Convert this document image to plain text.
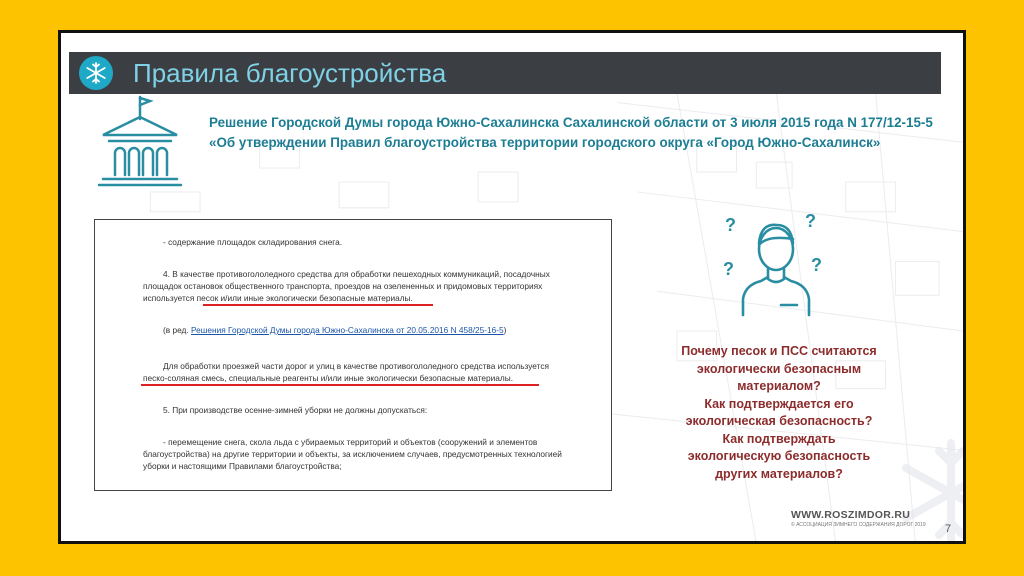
Правила благоустройства
Решение Городской Думы города Южно-Сахалинска Сахалинской области от 3 июля 2015 года N 177/12-15-5 «Об утверждении Правил благоустройства территории городского округа «Город Южно-Сахалинск»

- содержание площадок складирования снега.

4. В качестве противогололедного средства для обработки пешеходных коммуникаций, посадочных

площадок остановок общественного транспорта, проездов на озелененных и придомовых территориях

используется песок и/или иные экологически безопасные материалы.

(в ред. Решения Городской Думы города Южно-Сахалинска от 20.05.2016 N 458/25-16-5)

Для обработки проезжей части дорог и улиц в качестве противогололедного средства используется

песко-соляная смесь, специальные реагенты и/или иные экологически безопасные материалы.

5. При производстве осенне-зимней уборки не должны допускаться:

- перемещение снега, скола льда с убираемых территорий и объектов (сооружений и элементов

благоустройства) на другие территории и объекты, за исключением случаев, предусмотренных технологией

уборки и настоящими Правилами благоустройства;

?	?
?	?
Почему песок и ПСС считаются
экологически безопасным
материалом?
Как подтверждается его
экологическая безопасность?
Как подтверждать
экологическую безопасность
других материалов?
WWW.ROSZIMDOR.RU
© АССОЦИАЦИЯ ЗИМНЕГО СОДЕРЖАНИЯ ДОРОГ 2019 7
